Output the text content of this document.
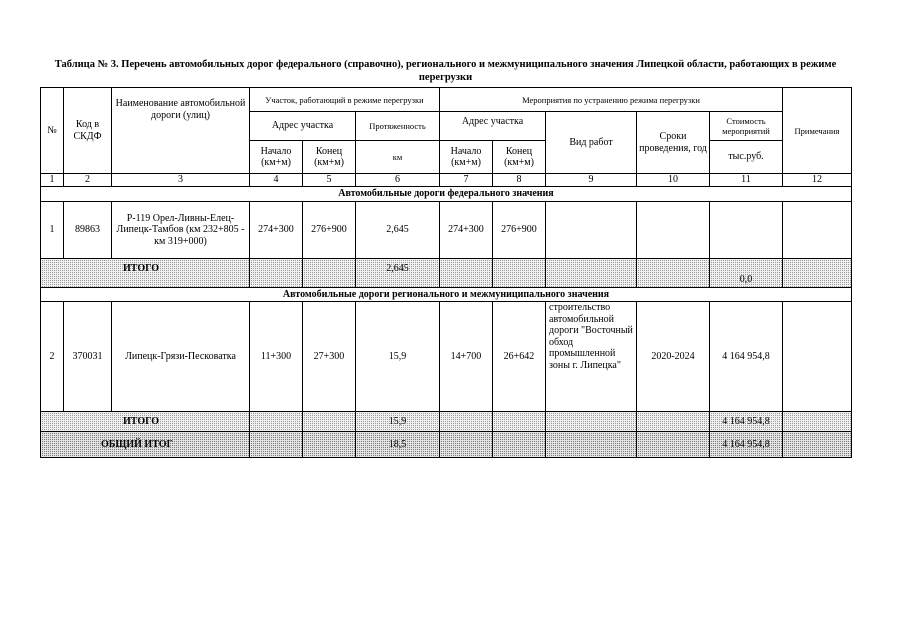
Таблица № 3. Перечень автомобильных дорог федерального (справочно), регионального и межмуниципального значения Липецкой области, работающих в режиме перегрузки
№	Код в СКДФ	Наименование автомобильной дороги (улиц)	Участок, работающий в режиме перегрузки			Мероприятия по устранению режима перегрузки					Примечания
			Адрес участка		Протяженность	Адрес участка		Вид работ	Сроки проведения, год	Стоимость мероприятий	
			Начало (км+м)	Конец (км+м)	км	Начало (км+м)	Конец (км+м)			тыс.руб.	
1	2	3	4	5	6	7	8	9	10	11	12
Автомобильные дороги федерального значения											
1	89863	Р-119 Орел-Ливны-Елец-Липецк-Тамбов (км 232+805 - км 319+000)	274+300	276+900	2,645	274+300	276+900				
ИТОГО					2,645					0,0	
Автомобильные дороги регионального и межмуниципального значения											
2	370031	Липецк-Грязи-Песковатка	11+300	27+300	15,9	14+700	26+642	строительство автомобильной дороги "Восточный обход промышленной зоны г. Липецка"	2020-2024	4 164 954,8	
ИТОГО					15,9					4 164 954,8	
ОБЩИЙ ИТОГ					18,5					4 164 954,8	
